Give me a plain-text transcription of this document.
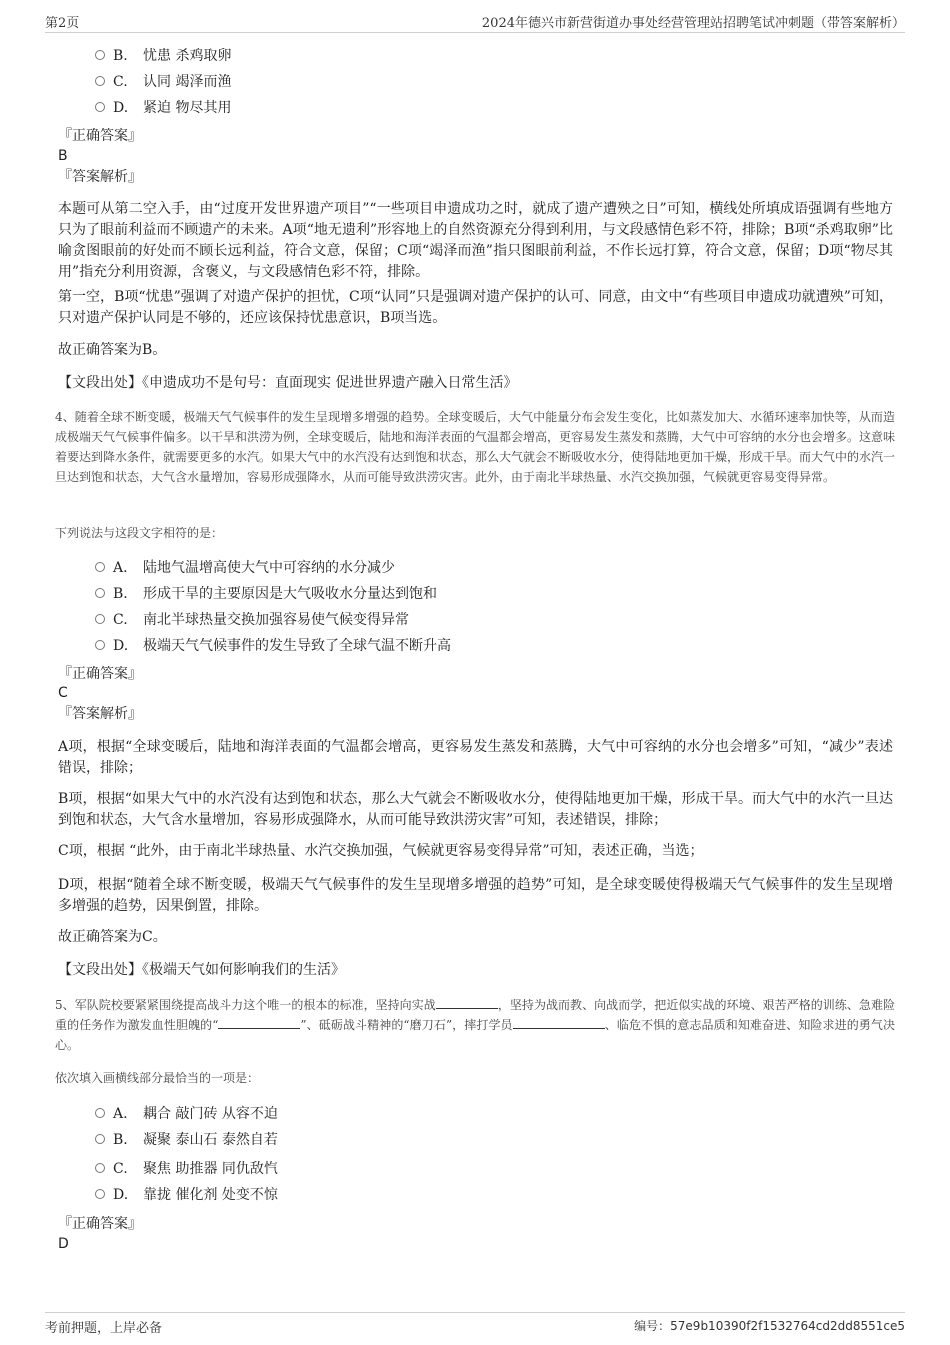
第2页	2024年德兴市新营街道办事处经营管理站招聘笔试冲刺题（带答案解析）
B. 忧患 杀鸡取卵
C. 认同 竭泽而渔
D. 紧迫 物尽其用
『正确答案』
B
『答案解析』
本题可从第二空入手，由“过度开发世界遗产项目”“一些项目申遗成功之时，就成了遗产遭殃之日”可知，横线处所填成语强调有些地方只为了眼前利益而不顾遗产的未来。A项“地无遗利”形容地上的自然资源充分得到利用，与文段感情色彩不符，排除；B项“杀鸡取卵”比喻贪图眼前的好处而不顾长远利益，符合文意，保留；C项“竭泽而渔”指只图眼前利益，不作长远打算，符合文意，保留；D项“物尽其用”指充分利用资源，含褒义，与文段感情色彩不符，排除。
第一空，B项“忧患”强调了对遗产保护的担忧，C项“认同”只是强调对遗产保护的认可、同意，由文中“有些项目申遗成功就遭殃”可知，只对遗产保护认同是不够的，还应该保持忧患意识，B项当选。
故正确答案为B。
【文段出处】《申遗成功不是句号：直面现实 促进世界遗产融入日常生活》
4、随着全球不断变暖，极端天气气候事件的发生呈现增多增强的趋势。全球变暖后，大气中能量分布会发生变化，比如蒸发加大、水循环速率加快等，从而造成极端天气气候事件偏多。以干旱和洪涝为例，全球变暖后，陆地和海洋表面的气温都会增高，更容易发生蒸发和蒸腾，大气中可容纳的水分也会增多。这意味着要达到降水条件，就需要更多的水汽。如果大气中的水汽没有达到饱和状态，那么大气就会不断吸收水分，使得陆地更加干燥，形成干旱。而大气中的水汽一旦达到饱和状态，大气含水量增加，容易形成强降水，从而可能导致洪涝灾害。此外，由于南北半球热量、水汽交换加强，气候就更容易变得异常。
下列说法与这段文字相符的是：
A. 陆地气温增高使大气中可容纳的水分减少
B. 形成干旱的主要原因是大气吸收水分量达到饱和
C. 南北半球热量交换加强容易使气候变得异常
D. 极端天气气候事件的发生导致了全球气温不断升高
『正确答案』
C
『答案解析』
A项，根据“全球变暖后，陆地和海洋表面的气温都会增高，更容易发生蒸发和蒸腾，大气中可容纳的水分也会增多”可知，“减少”表述错误，排除；
B项，根据“如果大气中的水汽没有达到饱和状态，那么大气就会不断吸收水分，使得陆地更加干燥，形成干旱。而大气中的水汽一旦达到饱和状态，大气含水量增加，容易形成强降水，从而可能导致洪涝灾害”可知，表述错误，排除；
C项，根据 “此外，由于南北半球热量、水汽交换加强，气候就更容易变得异常”可知，表述正确，当选；
D项，根据“随着全球不断变暖，极端天气气候事件的发生呈现增多增强的趋势”可知，是全球变暖使得极端天气气候事件的发生呈现增多增强的趋势，因果倒置，排除。
故正确答案为C。
【文段出处】《极端天气如何影响我们的生活》
5、军队院校要紧紧围绕提高战斗力这个唯一的根本的标准，坚持向实战	，坚持为战而教、向战而学，把近似实战的环境、艰苦严格的训练、急难险重的任务作为激发血性胆魄的“	”、砥砺战斗精神的“磨刀石”，摔打学员	、临危不惧的意志品质和知难奋进、知险求进的勇气决心。
依次填入画横线部分最恰当的一项是：
A. 耦合 敲门砖 从容不迫
B. 凝聚 泰山石 泰然自若
C. 聚焦 助推器 同仇敌忾
D. 靠拢 催化剂 处变不惊
『正确答案』
D
考前押题，上岸必备	编号：57e9b10390f2f1532764cd2dd8551ce5
